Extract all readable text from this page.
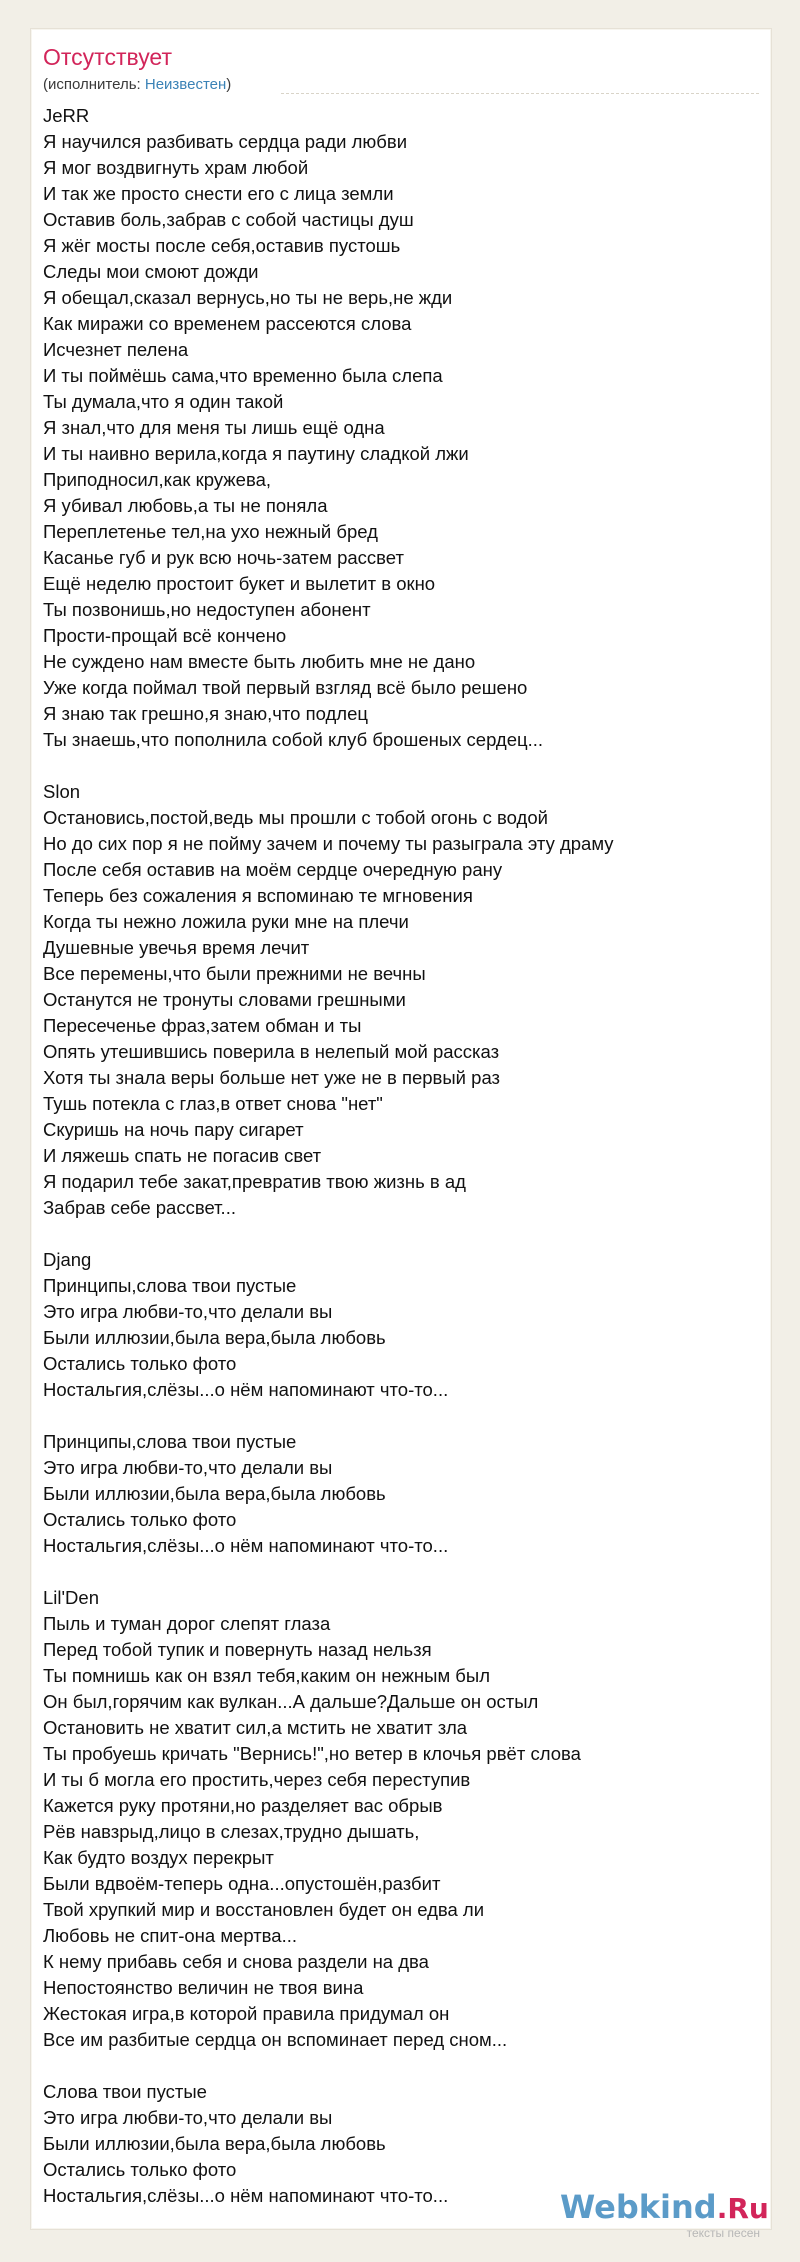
Отсутствует
(исполнитель: Неизвестен)
JeRR
Я научился разбивать сердца ради любви
Я мог воздвигнуть храм любой
И так же просто снести его с лица земли
Оставив боль,забрав с собой частицы душ
Я жёг мосты после себя,оставив пустошь
Следы мои смоют дожди
Я обещал,сказал вернусь,но ты не верь,не жди
Как миражи со временем рассеются слова
Исчезнет пелена
И ты поймёшь сама,что временно была слепа
Ты думала,что я один такой
Я знал,что для меня ты лишь ещё одна
И ты наивно верила,когда я паутину сладкой лжи
Приподносил,как кружева,
Я убивал любовь,а ты не поняла
Переплетенье тел,на ухо нежный бред
Касанье губ и рук всю ночь-затем рассвет
Ещё неделю простоит букет и вылетит в окно
Ты позвонишь,но недоступен абонент
Прости-прощай всё кончено
Не суждено нам вместе быть любить мне не дано
Уже когда поймал твой первый взгляд всё было решено
Я знаю так грешно,я знаю,что подлец
Ты знаешь,что пополнила собой клуб брошеных сердец...
Slon
Остановись,постой,ведь мы прошли с тобой огонь с водой
Но до сих пор я не пойму зачем и почему ты разыграла эту драму
После себя оставив на моём сердце очередную рану
Теперь без сожаления я вспоминаю те мгновения
Когда ты нежно ложила руки мне на плечи
Душевные увечья время лечит
Все перемены,что были прежними не вечны
Останутся не тронуты словами грешными
Пересеченье фраз,затем обман и ты
Опять утешившись поверила в нелепый мой рассказ
Хотя ты знала веры больше нет уже не в первый раз
Тушь потекла с глаз,в ответ снова "нет"
Скуришь на ночь пару сигарет
И ляжешь спать не погасив свет
Я подарил тебе закат,превратив твою жизнь в ад
Забрав себе рассвет...
Djang
Принципы,слова твои пустые
Это игра любви-то,что делали вы
Были иллюзии,была вера,была любовь
Остались только фото
Ностальгия,слёзы...о нём напоминают что-то...
Принципы,слова твои пустые
Это игра любви-то,что делали вы
Были иллюзии,была вера,была любовь
Остались только фото
Ностальгия,слёзы...о нём напоминают что-то...
Lil'Den
Пыль и туман дорог слепят глаза
Перед тобой тупик и повернуть назад нельзя
Ты помнишь как он взял тебя,каким он нежным был
Он был,горячим как вулкан...А дальше?Дальше он остыл
Остановить не хватит сил,а мстить не хватит зла
Ты пробуешь кричать "Вернись!",но ветер в клочья рвёт слова
И ты б могла его простить,через себя переступив
Кажется руку протяни,но разделяет вас обрыв
Рёв навзрыд,лицо в слезах,трудно дышать,
Как будто воздух перекрыт
Были вдвоём-теперь одна...опустошён,разбит
Твой хрупкий мир и восстановлен будет он едва ли
Любовь не спит-она мертва...
К нему прибавь себя и снова раздели на два
Непостоянство величин не твоя вина
Жестокая игра,в которой правила придумал он
Все им разбитые сердца он вспоминает перед сном...
Слова твои пустые
Это игра любви-то,что делали вы
Были иллюзии,была вера,была любовь
Остались только фото
Ностальгия,слёзы...о нём напоминают что-то...	Webkind.Ru
тексты песен
